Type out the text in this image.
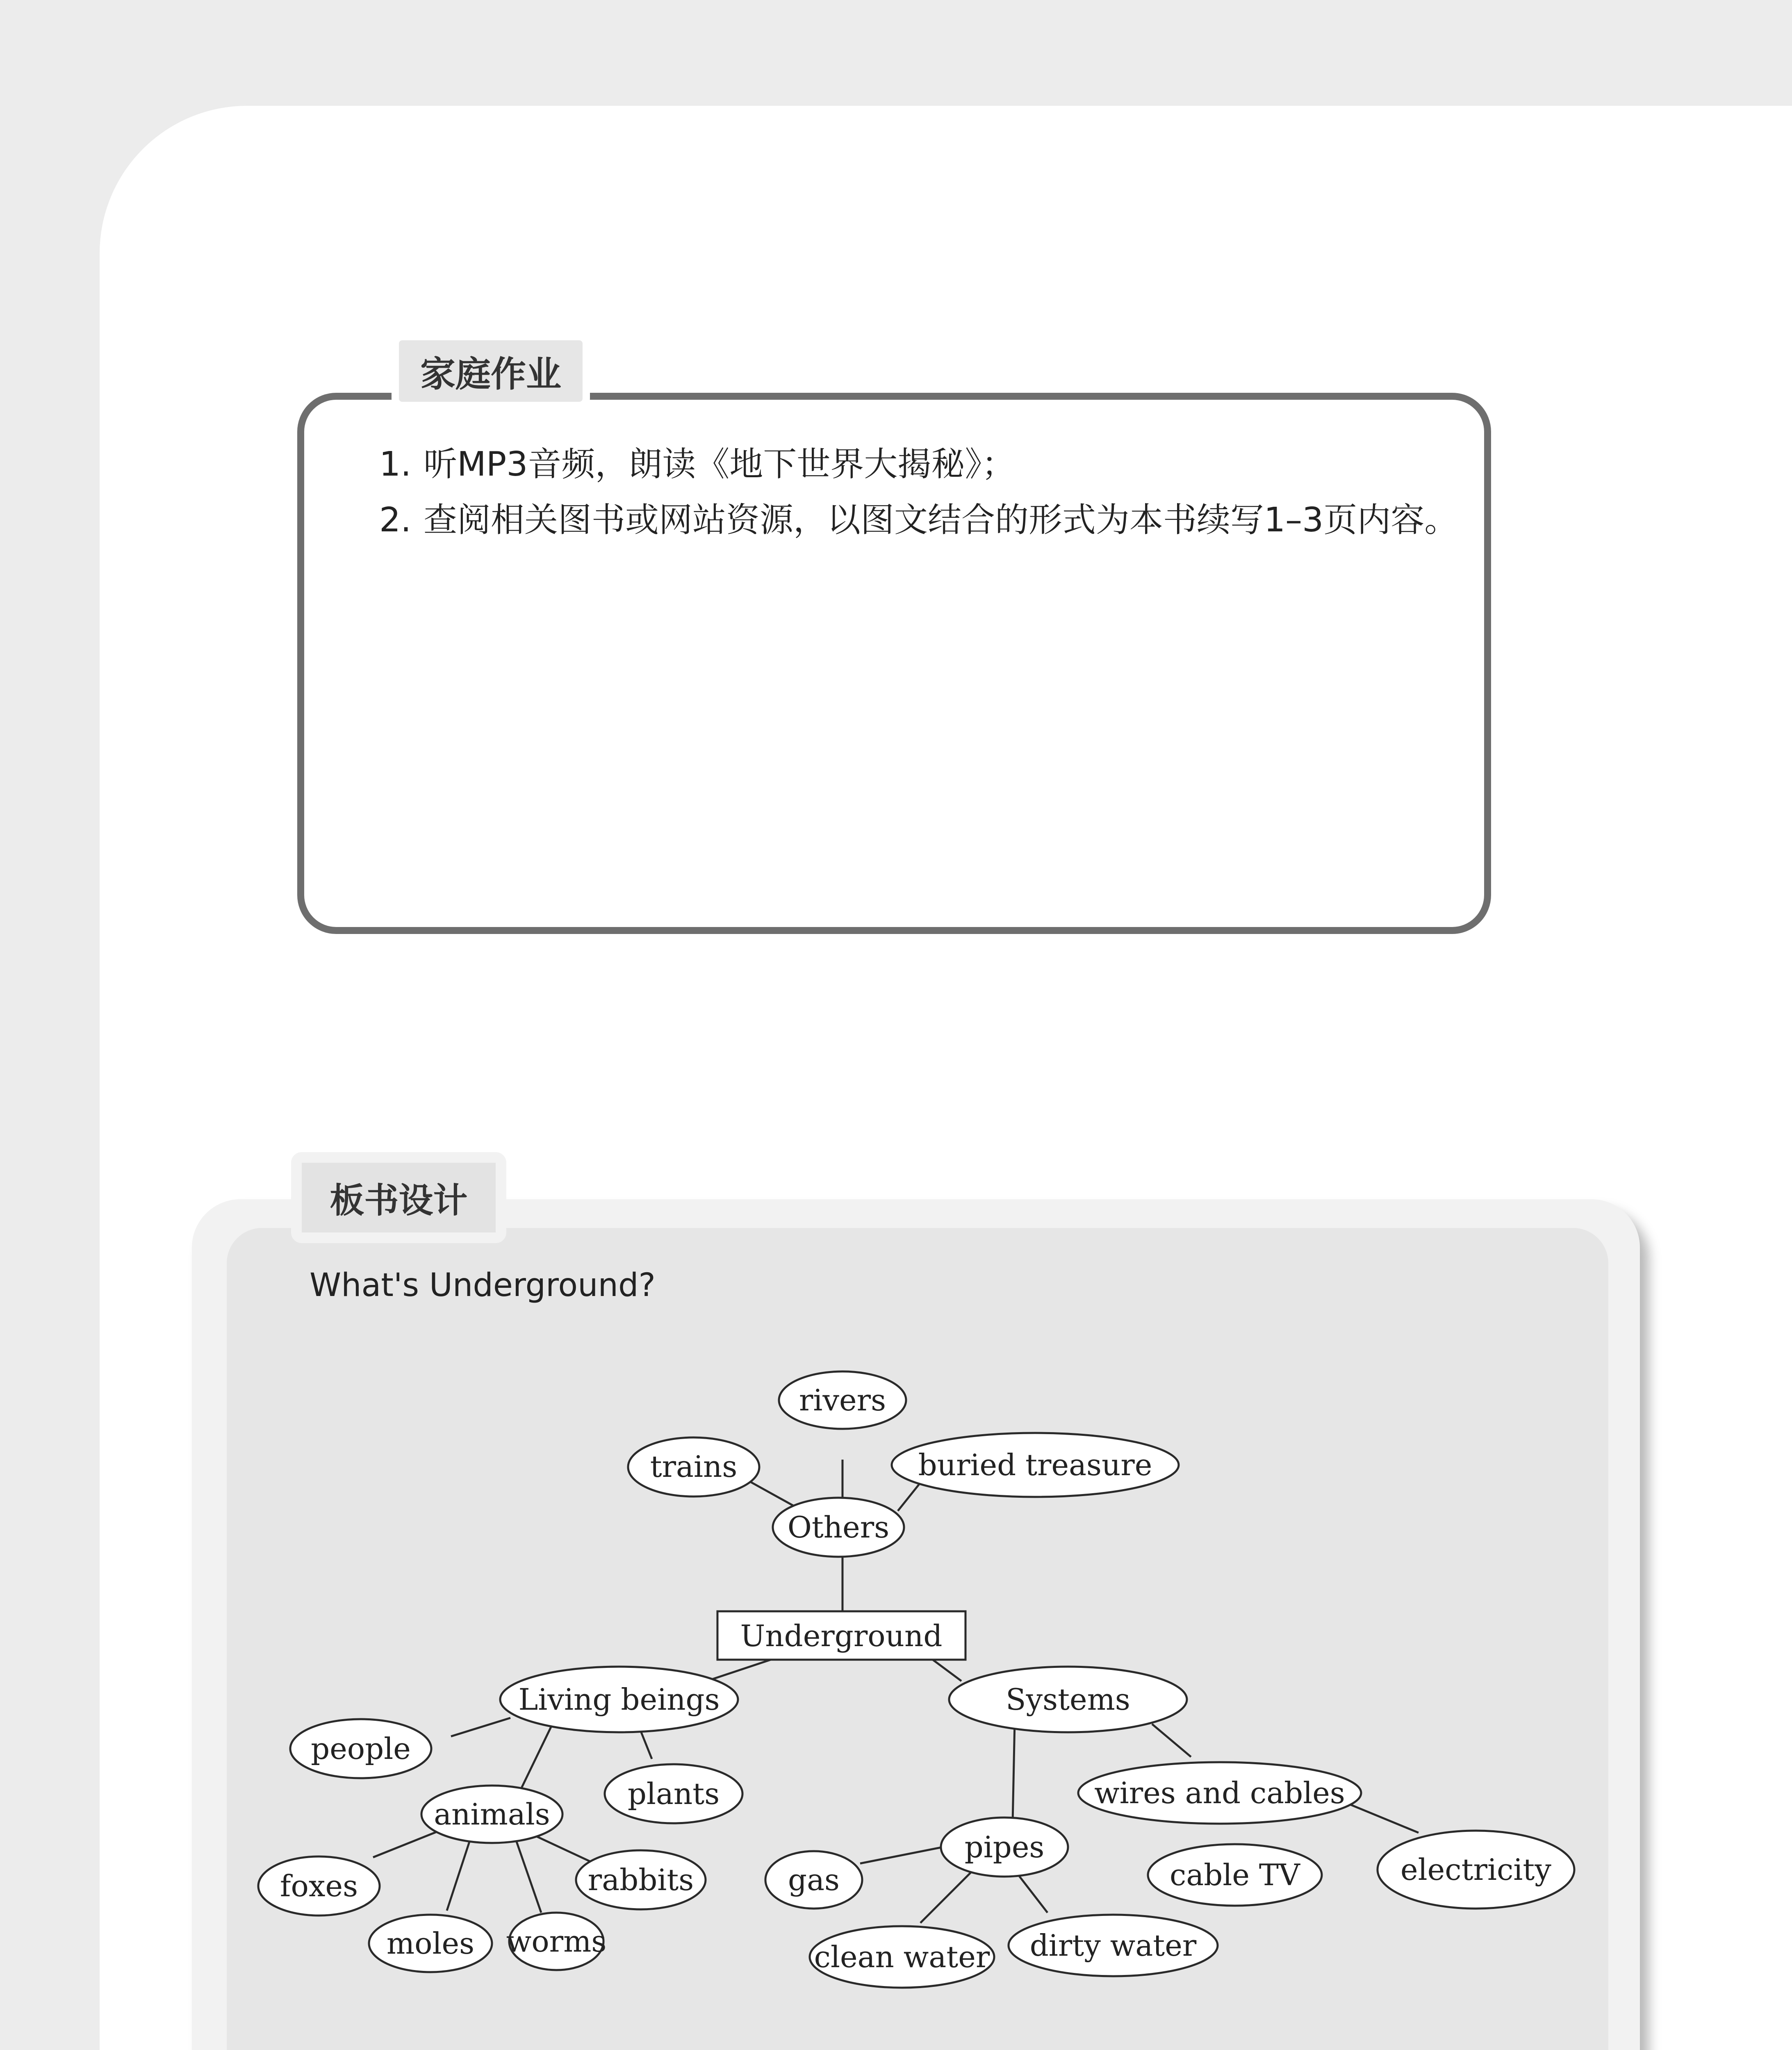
家庭作业
1. 听MP3音频，朗读《地下世界大揭秘》；
2. 查阅相关图书或网站资源，以图文结合的形式为本书续写1–3页内容。
板书设计
What's Underground?
rivers
trains	buried treasure
Others
Underground
Living beings	Systems
people
plants
animals
foxes
moles worms
rabbits
wires and cables
pipes
gas
clean water dirty water
cable TV	electricity
